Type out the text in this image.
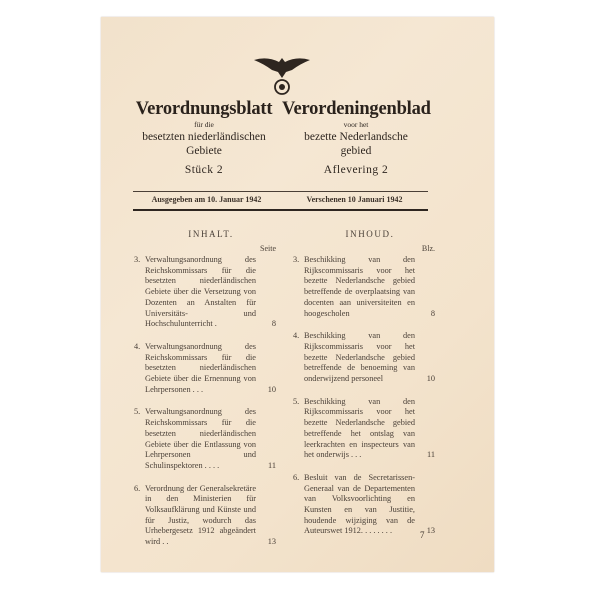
Verordnungsblatt
für die
besetzten niederländischen
Gebiete
Stück 2
Verordeningenblad
voor het
bezette Nederlandsche
gebied
Aflevering 2
Ausgegeben am 10. Januar 1942	Verschenen 10 Januari 1942
INHALT.
Seite
3. Verwaltungsanordnung des Reichskommissars für die besetzten niederländischen Gebiete über die Versetzung von Dozenten an Anstalten für Universitäts- und Hochschulunterricht .	8
4. Verwaltungsanordnung des Reichskommissars für die besetzten niederländischen Gebiete über die Ernennung von Lehrpersonen . . .	10
5. Verwaltungsanordnung des Reichskommissars für die besetzten niederländischen Gebiete über die Entlassung von Lehrpersonen und Schulinspektoren . . . .	11
6. Verordnung der Generalsekretäre in den Ministerien für Volksaufklärung und Künste und für Justiz, wodurch das Urhebergesetz 1912 abgeändert wird . .	13
INHOUD.
Blz.
3. Beschikking van den Rijkscommissaris voor het bezette Nederlandsche gebied betreffende de overplaatsing van docenten aan universiteiten en hoogescholen	8
4. Beschikking van den Rijkscommissaris voor het bezette Nederlandsche gebied betreffende de benoeming van onderwijzend personeel	10
5. Beschikking van den Rijkscommissaris voor het bezette Nederlandsche gebied betreffende het ontslag van leerkrachten en inspecteurs van het onderwijs . . .	11
6. Besluit van de Secretarissen-Generaal van de Departementen van Volksvoorlichting en Kunsten en van Justitie, houdende wijziging van de Auteurswet 1912. . . . . . . .	13
7
